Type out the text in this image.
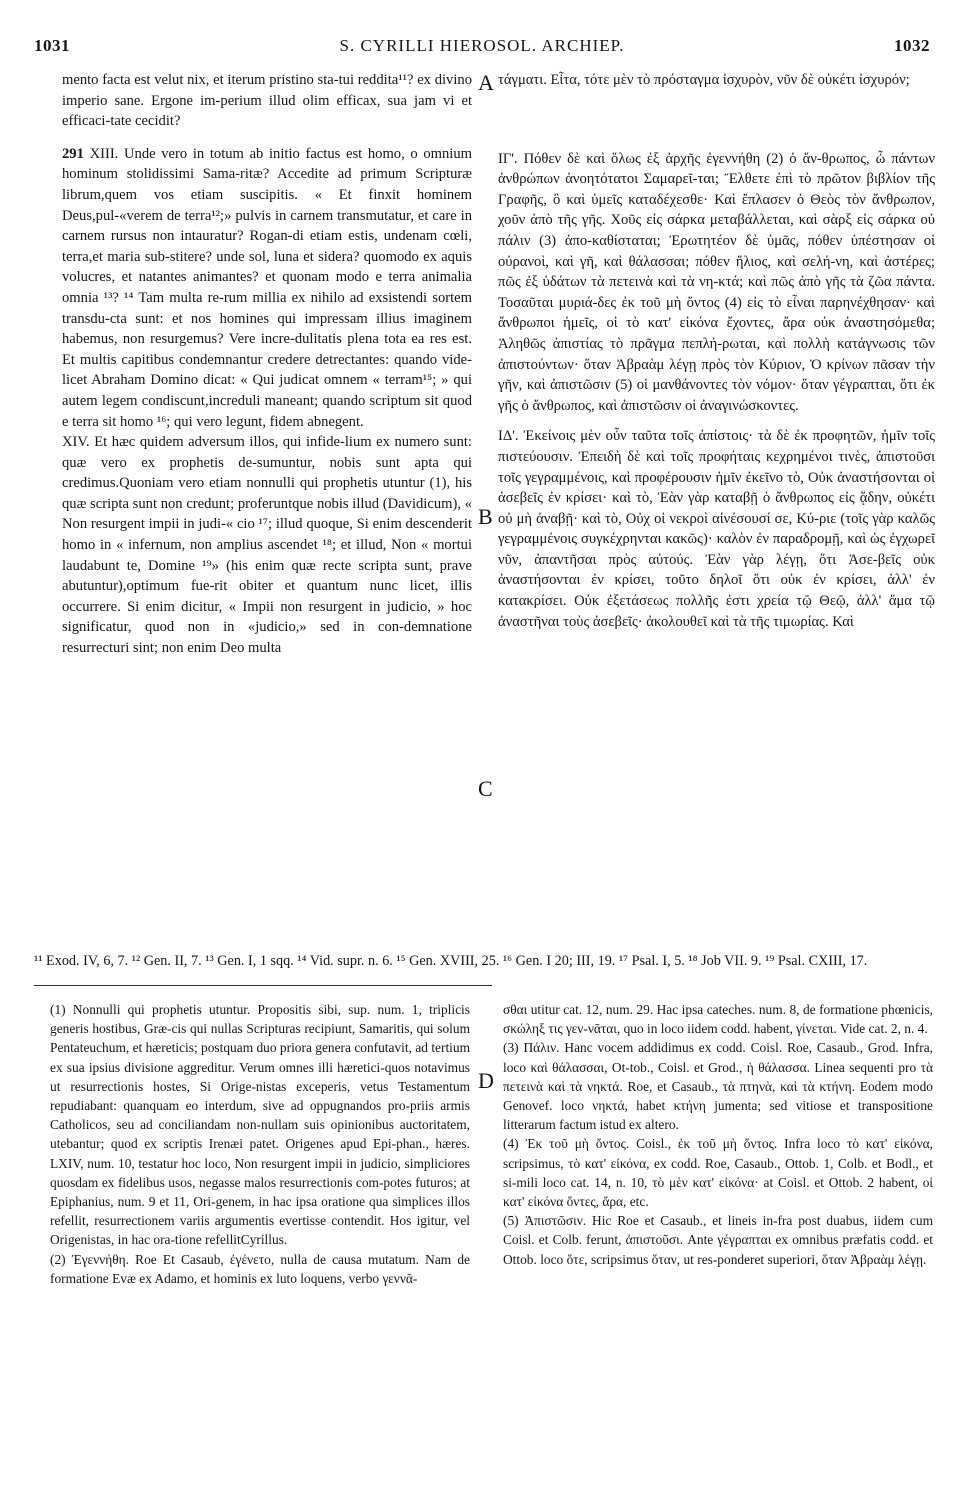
1031	S. CYRILLI HIEROSOL. ARCHIEP.	1032

mento facta est velut nix, et iterum pristino sta-tui reddita¹¹? ex divino imperio sane. Ergone im-perium illud olim efficax, sua jam vi et efficaci-tate cecidit?

291 XIII. Unde vero in totum ab initio factus est homo, o omnium hominum stolidissimi Sama-ritæ? Accedite ad primum Scripturæ librum,quem vos etiam suscipitis. « Et finxit hominem Deus,pul-«verem de terra¹²;» pulvis in carnem transmutatur, et care in carnem rursus non intauratur? Rogan-di etiam estis, undenam cœli, terra,et maria sub-stitere? unde sol, luna et sidera? quomodo ex aquis volucres, et natantes animantes? et quonam modo e terra animalia omnia ¹³? ¹⁴ Tam multa re-rum millia ex nihilo ad exsistendi sortem transdu-cta sunt: et nos homines qui impressam illius imaginem habemus, non resurgemus? Vere incre-dulitatis plena tota ea res est. Et multis capitibus condemnantur credere detrectantes: quando vide-licet Abraham Domino dicat: « Qui judicat omnem « terram¹⁵; » qui autem legem condiscunt,increduli maneant; quando scriptum sit quod e terra sit homo ¹⁶; qui vero legunt, fidem abnegent.

XIV. Et hæc quidem adversum illos, qui infide-lium ex numero sunt: quæ vero ex prophetis de-sumuntur, nobis sunt apta qui credimus.Quoniam vero etiam nonnulli qui prophetis utuntur (1), his quæ scripta sunt non credunt; proferuntque nobis illud (Davidicum), « Non resurgent impii in judi-« cio ¹⁷; illud quoque, Si enim descenderit homo in « infernum, non amplius ascendet ¹⁸; et illud, Non « mortui laudabunt te, Domine ¹⁹» (his enim quæ recte scripta sunt, prave abutuntur),optimum fue-rit obiter et quantum nunc licet, illis occurrere. Si enim dicitur, « Impii non resurgent in judicio, » hoc significatur, quod non in «judicio,» sed in con-demnatione resurrecturi sint; non enim Deo multa

τάγματι. Εἶτα, τότε μὲν τὸ πρόσταγμα ἰσχυρὸν, νῦν δὲ οὐκέτι ἰσχυρόν;

ΙΓ'. Πόθεν δὲ καὶ ὅλως ἐξ ἀρχῆς ἐγεννήθη (2) ὁ ἄν-θρωπος, ὦ πάντων ἀνθρώπων ἀνοητότατοι Σαμαρεῖ-ται; Ἔλθετε ἐπὶ τὸ πρῶτον βιβλίον τῆς Γραφῆς, ὃ καὶ ὑμεῖς καταδέχεσθε· Καὶ ἔπλασεν ὁ Θεὸς τὸν ἄνθρωπον, χοῦν ἀπὸ τῆς γῆς. Χοῦς εἰς σάρκα μεταβάλλεται, καὶ σὰρξ εἰς σάρκα οὐ πάλιν (3) ἀπο-καθίσταται; Ἐρωτητέον δὲ ὑμᾶς, πόθεν ὑπέστησαν οἱ οὐρανοὶ, καὶ γῆ, καὶ θάλασσαι; πόθεν ἥλιος, καὶ σελή-νη, καὶ ἀστέρες; πῶς ἐξ ὑδάτων τὰ πετεινὰ καὶ τὰ νη-κτά; καὶ πῶς ἀπὸ γῆς τὰ ζῶα πάντα. Τοσαῦται μυριά-δες ἐκ τοῦ μὴ ὄντος (4) εἰς τὸ εἶναι παρηνέχθησαν· καὶ ἄνθρωποι ἡμεῖς, οἱ τὸ κατ' εἰκόνα ἔχοντες, ἄρα οὐκ ἀναστησόμεθα; Ἀληθῶς ἀπιστίας τὸ πρᾶγμα πεπλή-ρωται, καὶ πολλὴ κατάγνωσις τῶν ἀπιστούντων· ὅταν Ἀβραὰμ λέγῃ πρὸς τὸν Κύριον, Ὁ κρίνων πᾶσαν τὴν γῆν, καὶ ἀπιστῶσιν (5) οἱ μανθάνοντες τὸν νόμον· ὅταν γέγραπται, ὅτι ἐκ γῆς ὁ ἄνθρωπος, καὶ ἀπιστῶσιν οἱ ἀναγινώσκοντες.

ΙΔ'. Ἐκείνοις μὲν οὖν ταῦτα τοῖς ἀπίστοις· τὰ δὲ ἐκ προφητῶν, ἡμῖν τοῖς πιστεύουσιν. Ἐπειδὴ δὲ καὶ τοῖς προφήταις κεχρημένοι τινὲς, ἀπιστοῦσι τοῖς γεγραμμένοις, καὶ προφέρουσιν ἡμῖν ἐκεῖνο τὸ, Οὐκ ἀναστήσονται οἱ ἀσεβεῖς ἐν κρίσει· καὶ τὸ, Ἐὰν γὰρ καταβῇ ὁ ἄνθρωπος εἰς ᾅδην, οὐκέτι οὐ μὴ ἀναβῇ· καὶ τὸ, Οὐχ οἱ νεκροὶ αἰνέσουσί σε, Κύ-ριε (τοῖς γὰρ καλῶς γεγραμμένοις συγκέχρηνται κακῶς)· καλὸν ἐν παραδρομῇ, καὶ ὡς ἐγχωρεῖ νῦν, ἀπαντῆσαι πρὸς αὐτούς. Ἐὰν γὰρ λέγῃ, ὅτι Ἀσε-βεῖς οὐκ ἀναστήσονται ἐν κρίσει, τοῦτο δηλοῖ ὅτι οὐκ ἐν κρίσει, ἀλλ' ἐν κατακρίσει. Οὐκ ἐξετάσεως πολλῆς ἐστι χρεία τῷ Θεῷ, ἀλλ' ἅμα τῷ ἀναστῆναι τοὺς ἀσεβεῖς· ἀκολουθεῖ καὶ τὰ τῆς τιμωρίας. Καὶ

A
B
C
D
¹¹ Exod. IV, 6, 7. ¹² Gen. II, 7. ¹³ Gen. I, 1 sqq. ¹⁴ Vid. supr. n. 6. ¹⁵ Gen. XVIII, 25. ¹⁶ Gen. I 20; III, 19. ¹⁷ Psal. I, 5. ¹⁸ Job VII. 9. ¹⁹ Psal. CXIII, 17.

(1) Nonnulli qui prophetis utuntur. Propositis sibi, sup. num. 1, triplicis generis hostibus, Græ-cis qui nullas Scripturas recipiunt, Samaritis, qui solum Pentateuchum, et hæreticis; postquam duo priora genera confutavit, ad tertium ex sua ipsius divisione aggreditur. Verum omnes illi hæretici-quos notavimus ut resurrectionis hostes, Si Orige-nistas exceperis, vetus Testamentum repudiabant: quanquam eo interdum, sive ad oppugnandos pro-priis armis Catholicos, seu ad conciliandam non-nullam suis opinionibus auctoritatem, utebantur; quod ex scriptis Irenæi patet. Origenes apud Epi-phan., hæres. LXIV, num. 10, testatur hoc loco, Non resurgent impii in judicio, simpliciores quosdam ex fidelibus usos, negasse malos resurrectionis com-potes futuros; at Epiphanius, num. 9 et 11, Ori-genem, in hac ipsa oratione qua simplices illos refellit, resurrectionem variis argumentis evertisse contendit. Hos igitur, vel Origenistas, in hac ora-tione refellitCyrillus.

(2) Ἐγεννήθη. Roe Et Casaub, ἐγένετο, nulla de causa mutatum. Nam de formatione Evæ ex Adamo, et hominis ex luto loquens, verbo γεννᾶ-

σθαι utitur cat. 12, num. 29. Hac ipsa cateches. num. 8, de formatione phœnicis, σκώληξ τις γεν-νᾶται, quo in loco iidem codd. habent, γίνεται. Vide cat. 2, n. 4.

(3) Πάλιν. Hanc vocem addidimus ex codd. Coisl. Roe, Casaub., Grod. Infra, loco καὶ θάλασσαι, Ot-tob., Coisl. et Grod., ἡ θάλασσα. Linea sequenti pro τὰ πετεινὰ καὶ τὰ νηκτά. Roe, et Casaub., τὰ πτηνὰ, καὶ τὰ κτήνη. Eodem modo Genovef. loco νηκτά, habet κτήνη jumenta; sed vitiose et transpositione litterarum factum istud ex altero.

(4) Ἐκ τοῦ μὴ ὄντος. Coisl., ἐκ τοῦ μὴ ὄντος. Infra loco τὸ κατ' εἰκόνα, scripsimus, τὸ κατ' εἰκόνα, ex codd. Roe, Casaub., Ottob. 1, Colb. et Bodl., et si-mili loco cat. 14, n. 10, τὸ μὲν κατ' εἰκόνα· at Coisl. et Ottob. 2 habent, οἱ κατ' εἰκόνα ὄντες, ἄρα, etc.

(5) Ἀπιστῶσιν. Hic Roe et Casaub., et lineis in-fra post duabus, iidem cum Coisl. et Colb. ferunt, ἀπιστοῦσι. Ante γέγραπται ex omnibus præfatis codd. et Ottob. loco ὅτε, scripsimus ὅταν, ut res-ponderet superiori, ὅταν Ἀβραὰμ λέγῃ.
